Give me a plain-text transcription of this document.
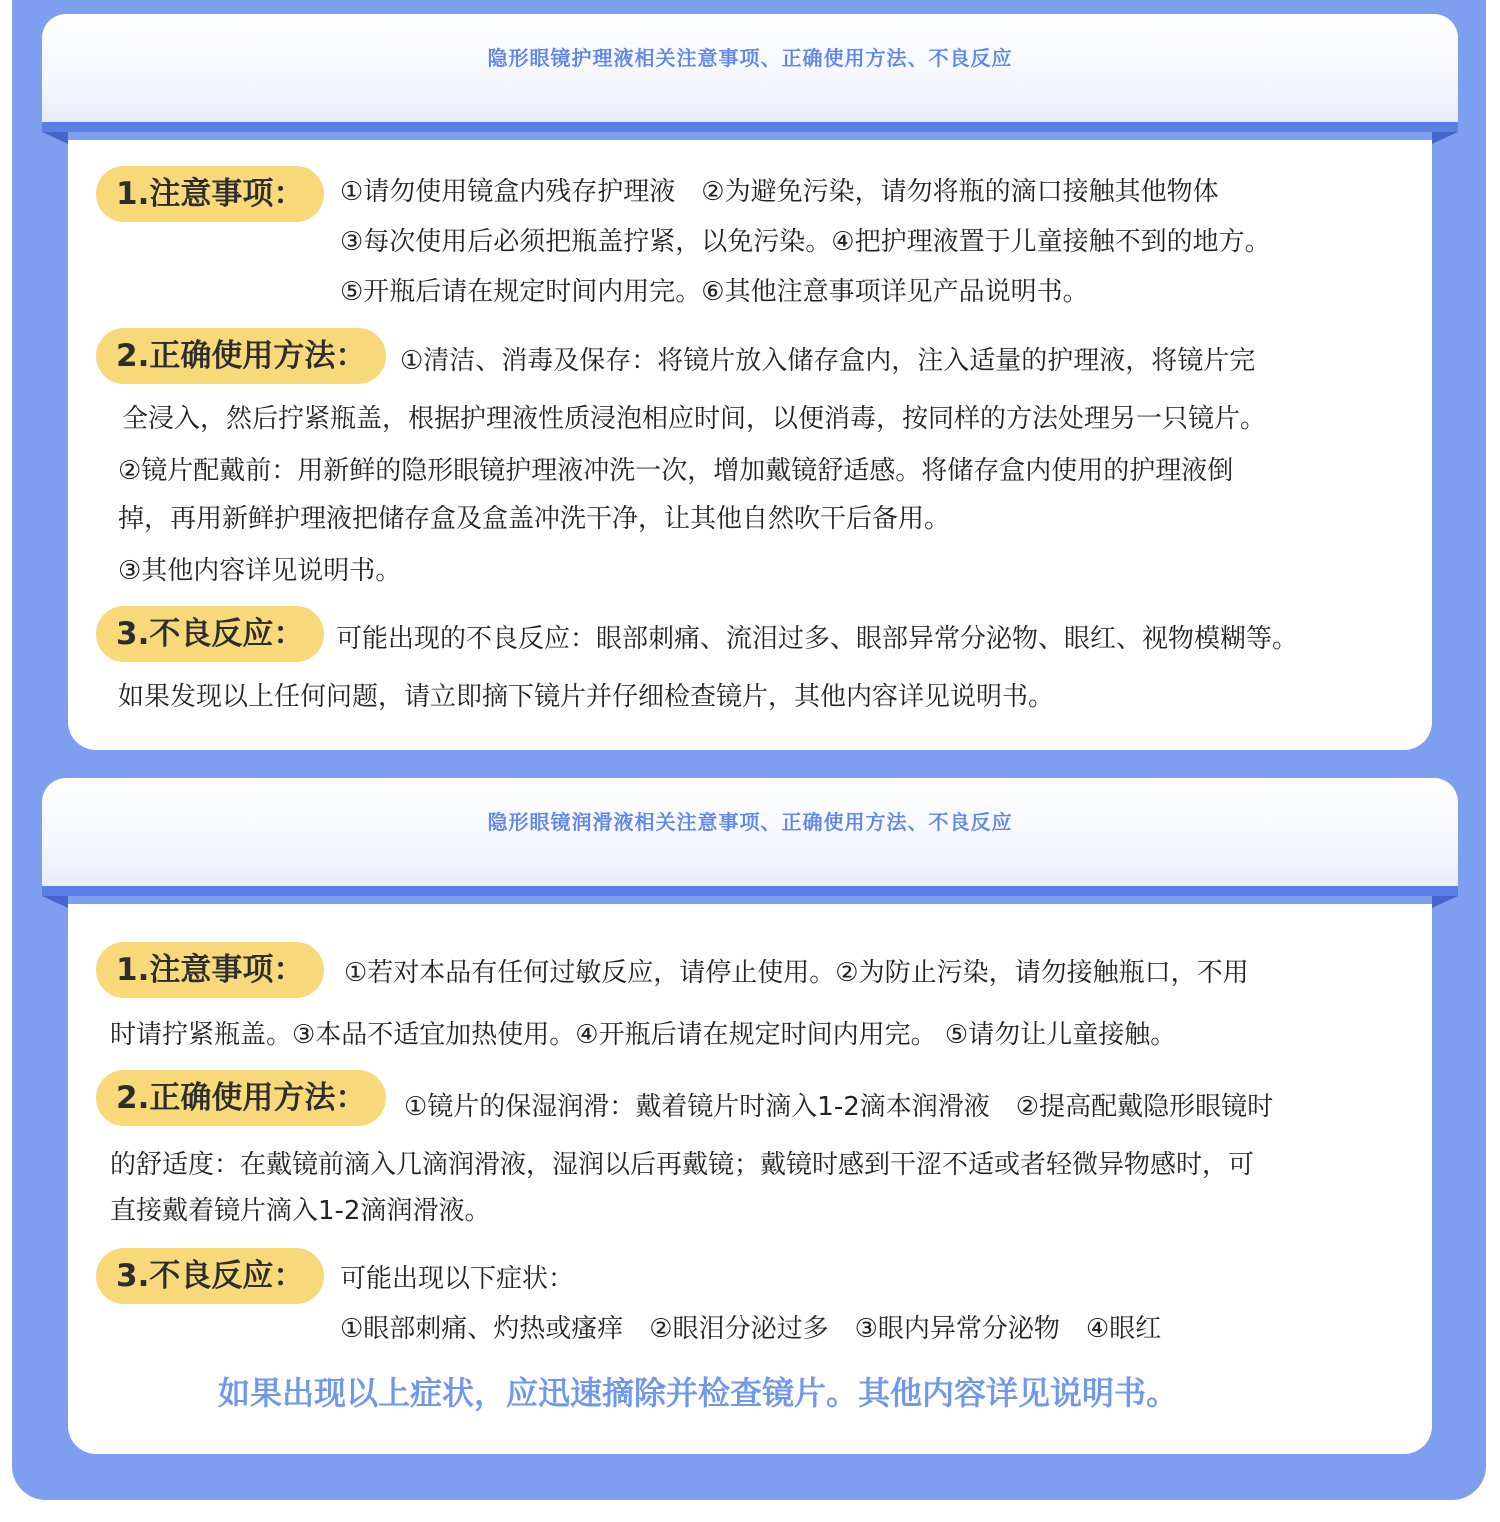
隐形眼镜护理液相关注意事项、正确使用方法、不良反应
1.注意事项：	①请勿使用镜盒内残存护理液　②为避免污染，请勿将瓶的滴口接触其他物体
③每次使用后必须把瓶盖拧紧，以免污染。④把护理液置于儿童接触不到的地方。
⑤开瓶后请在规定时间内用完。⑥其他注意事项详见产品说明书。
2.正确使用方法：	①清洁、消毒及保存：将镜片放入储存盒内，注入适量的护理液，将镜片完
全浸入，然后拧紧瓶盖，根据护理液性质浸泡相应时间，以便消毒，按同样的方法处理另一只镜片。
②镜片配戴前：用新鲜的隐形眼镜护理液冲洗一次，增加戴镜舒适感。将储存盒内使用的护理液倒
掉，再用新鲜护理液把储存盒及盒盖冲洗干净，让其他自然吹干后备用。
③其他内容详见说明书。
3.不良反应：	可能出现的不良反应：眼部刺痛、流泪过多、眼部异常分泌物、眼红、视物模糊等。
如果发现以上任何问题，请立即摘下镜片并仔细检查镜片，其他内容详见说明书。
隐形眼镜润滑液相关注意事项、正确使用方法、不良反应
1.注意事项：	①若对本品有任何过敏反应，请停止使用。②为防止污染，请勿接触瓶口，不用
时请拧紧瓶盖。③本品不适宜加热使用。④开瓶后请在规定时间内用完。 ⑤请勿让儿童接触。
2.正确使用方法：	①镜片的保湿润滑：戴着镜片时滴入1-2滴本润滑液　②提高配戴隐形眼镜时
的舒适度：在戴镜前滴入几滴润滑液，湿润以后再戴镜；戴镜时感到干涩不适或者轻微异物感时，可
直接戴着镜片滴入1-2滴润滑液。
3.不良反应：	可能出现以下症状：
①眼部刺痛、灼热或瘙痒　②眼泪分泌过多　③眼内异常分泌物　④眼红
如果出现以上症状，应迅速摘除并检查镜片。其他内容详见说明书。
